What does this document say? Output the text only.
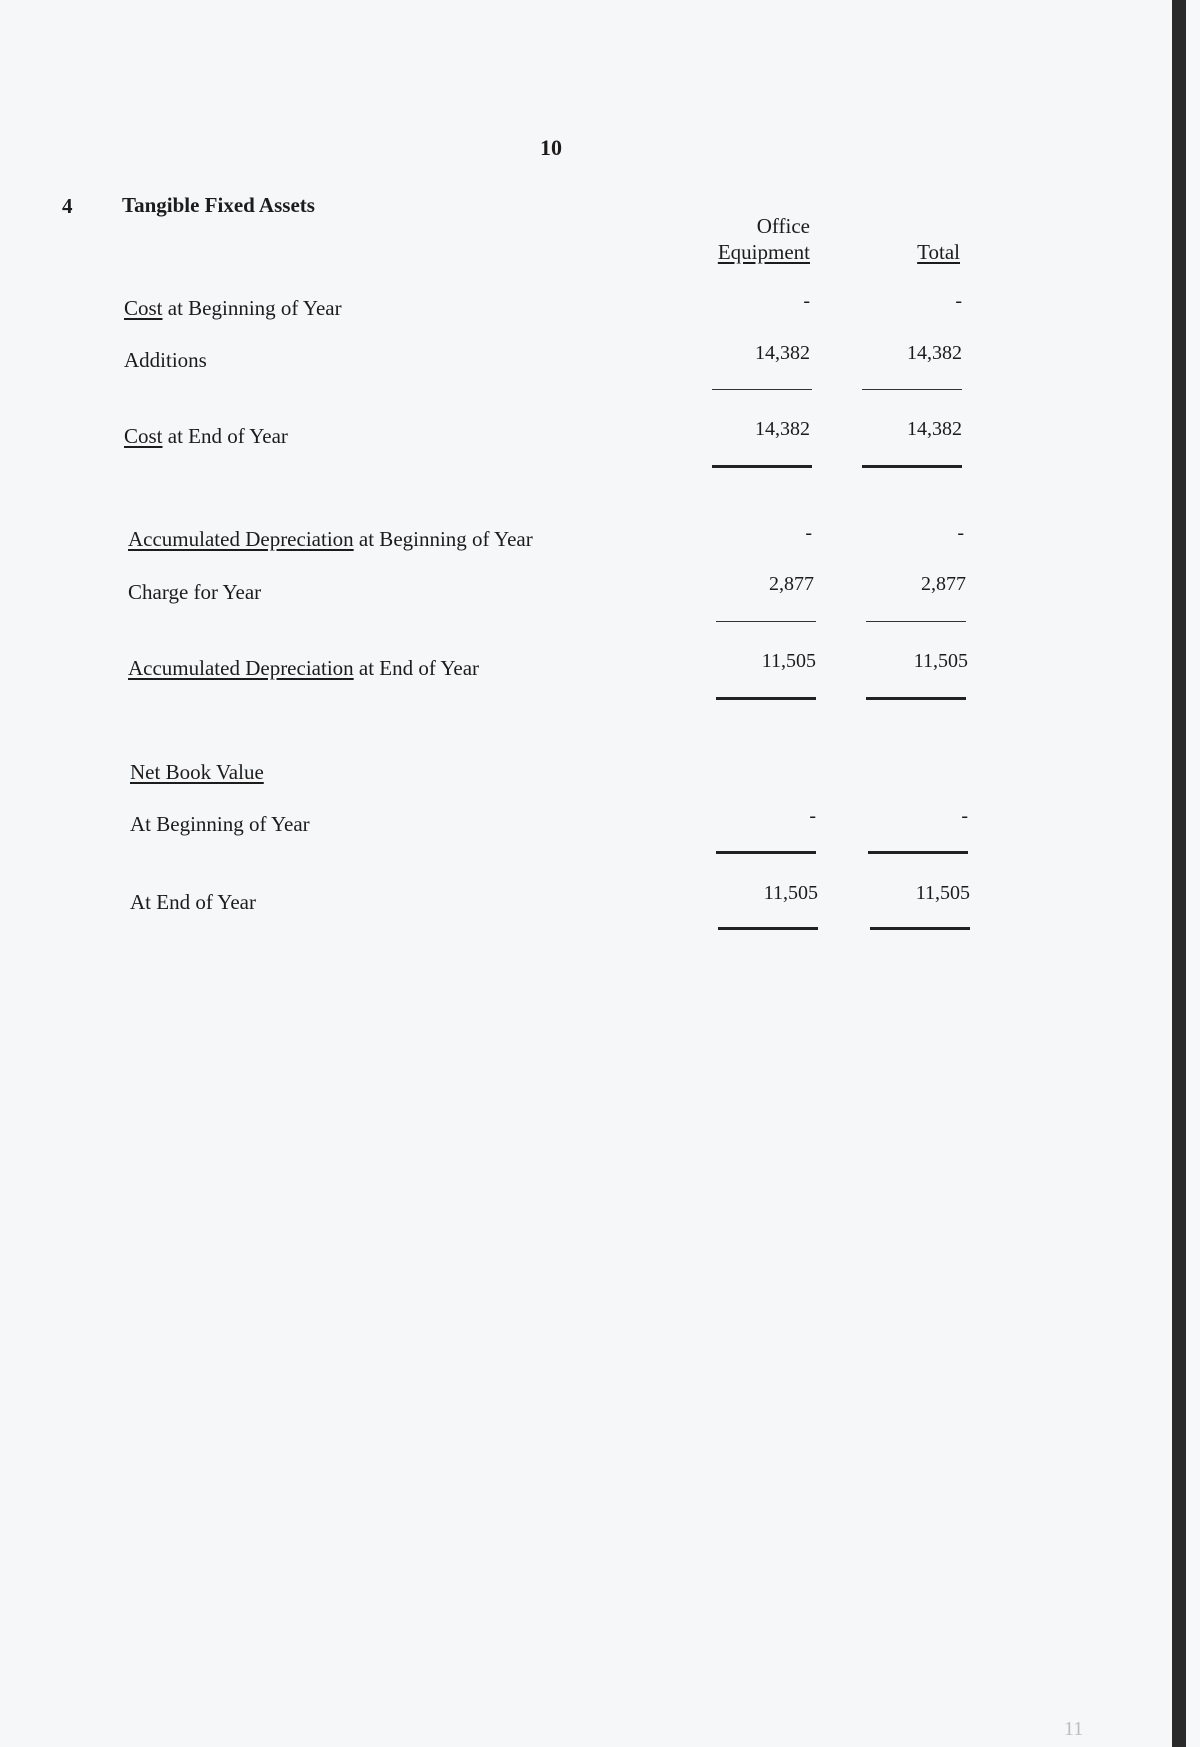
10
4 Tangible Fixed Assets
Office
Equipment	Total
Cost at Beginning of Year	-	-
Additions	14,382	14,382
Cost at End of Year	14,382	14,382
Accumulated Depreciation at Beginning of Year	-	-
Charge for Year	2,877	2,877
Accumulated Depreciation at End of Year	11,505	11,505
Net Book Value
At Beginning of Year	-	-
At End of Year	11,505	11,505
11
